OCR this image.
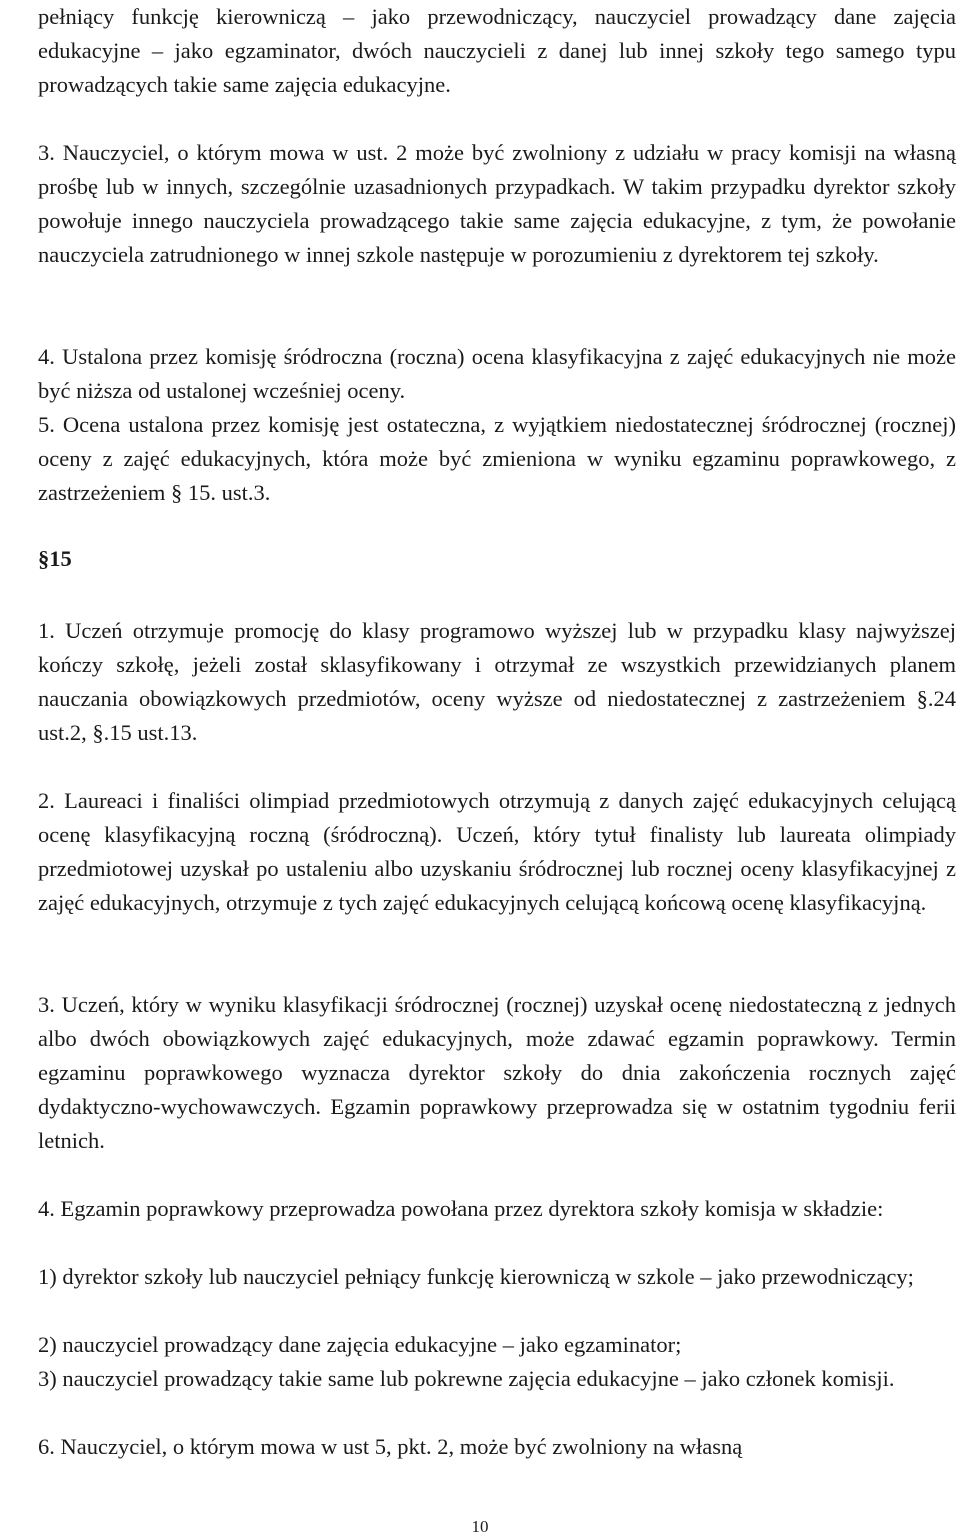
pełniący funkcję kierowniczą – jako przewodniczący, nauczyciel prowadzący dane zajęcia edukacyjne – jako egzaminator, dwóch nauczycieli z danej lub innej szkoły tego samego typu prowadzących takie same zajęcia edukacyjne.

3. Nauczyciel, o którym mowa w ust. 2 może być zwolniony z udziału w pracy komisji na własną prośbę lub w innych, szczególnie uzasadnionych przypadkach. W takim przypadku dyrektor szkoły powołuje innego nauczyciela prowadzącego takie same zajęcia edukacyjne, z tym, że powołanie nauczyciela zatrudnionego w innej szkole następuje w porozumieniu z dyrektorem tej szkoły.

4. Ustalona przez komisję śródroczna (roczna) ocena klasyfikacyjna z zajęć edukacyjnych nie może być niższa od ustalonej wcześniej oceny.

5. Ocena ustalona przez komisję jest ostateczna, z wyjątkiem niedostatecznej śródrocznej (rocznej) oceny z zajęć edukacyjnych, która może być zmieniona w wyniku egzaminu poprawkowego, z zastrzeżeniem § 15. ust.3.

§15

1. Uczeń otrzymuje promocję do klasy programowo wyższej lub w przypadku klasy najwyższej kończy szkołę, jeżeli został sklasyfikowany i otrzymał ze wszystkich przewidzianych planem nauczania obowiązkowych przedmiotów, oceny wyższe od niedostatecznej z zastrzeżeniem §.24 ust.2, §.15 ust.13.

2. Laureaci i finaliści olimpiad przedmiotowych otrzymują z danych zajęć edukacyjnych celującą ocenę klasyfikacyjną roczną (śródroczną). Uczeń, który tytuł finalisty lub laureata olimpiady przedmiotowej uzyskał po ustaleniu albo uzyskaniu śródrocznej lub rocznej oceny klasyfikacyjnej z zajęć edukacyjnych, otrzymuje z tych zajęć edukacyjnych celującą końcową ocenę klasyfikacyjną.

3. Uczeń, który w wyniku klasyfikacji śródrocznej (rocznej) uzyskał ocenę niedostateczną z jednych albo dwóch obowiązkowych zajęć edukacyjnych, może zdawać egzamin poprawkowy. Termin egzaminu poprawkowego wyznacza dyrektor szkoły do dnia zakończenia rocznych zajęć dydaktyczno-wychowawczych. Egzamin poprawkowy przeprowadza się w ostatnim tygodniu ferii letnich.

4. Egzamin poprawkowy przeprowadza powołana przez dyrektora szkoły komisja w składzie:

1) dyrektor szkoły lub nauczyciel pełniący funkcję kierowniczą w szkole – jako przewodniczący;

2) nauczyciel prowadzący dane zajęcia edukacyjne – jako egzaminator;

3) nauczyciel prowadzący takie same lub pokrewne zajęcia edukacyjne – jako członek komisji.

6. Nauczyciel, o którym mowa w ust 5, pkt. 2, może być zwolniony na własną

10
